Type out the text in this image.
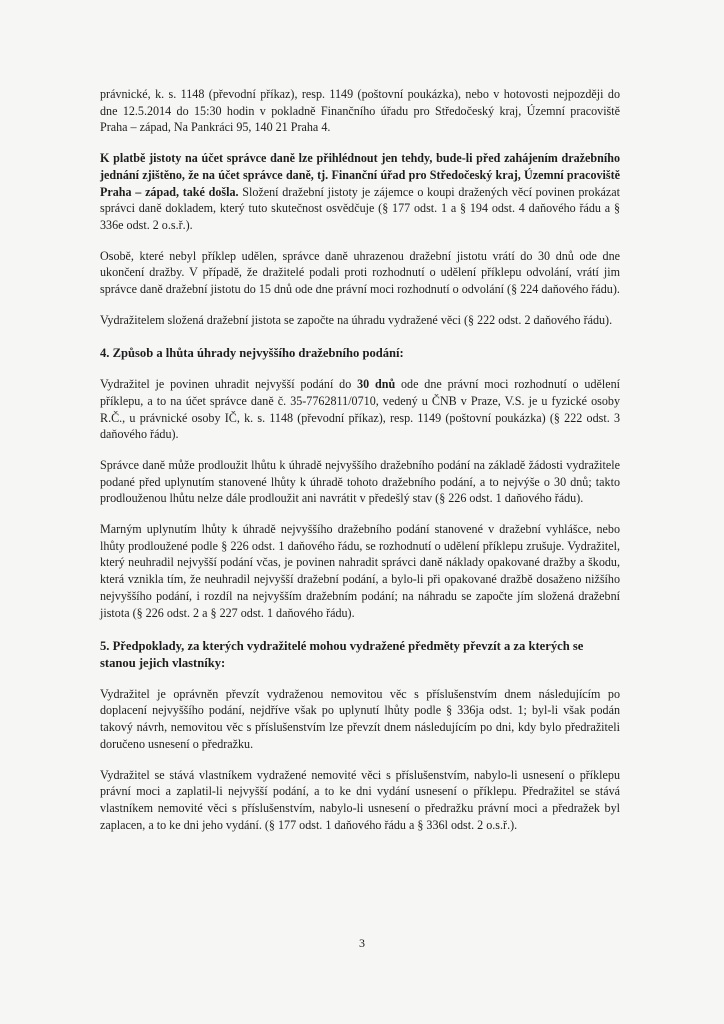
právnické, k. s. 1148 (převodní příkaz), resp. 1149 (poštovní poukázka), nebo v hotovosti nejpozději do dne 12.5.2014 do 15:30 hodin v pokladně Finančního úřadu pro Středočeský kraj, Územní pracoviště Praha – západ, Na Pankráci 95, 140 21 Praha 4.

K platbě jistoty na účet správce daně lze přihlédnout jen tehdy, bude-li před zahájením dražebního jednání zjištěno, že na účet správce daně, tj. Finanční úřad pro Středočeský kraj, Územní pracoviště Praha – západ, také došla. Složení dražební jistoty je zájemce o koupi dražených věcí povinen prokázat správci daně dokladem, který tuto skutečnost osvědčuje (§ 177 odst. 1 a § 194 odst. 4 daňového řádu a § 336e odst. 2 o.s.ř.).

Osobě, které nebyl příklep udělen, správce daně uhrazenou dražební jistotu vrátí do 30 dnů ode dne ukončení dražby. V případě, že dražitelé podali proti rozhodnutí o udělení příklepu odvolání, vrátí jim správce daně dražební jistotu do 15 dnů ode dne právní moci rozhodnutí o odvolání (§ 224 daňového řádu).

Vydražitelem složená dražební jistota se započte na úhradu vydražené věci (§ 222 odst. 2 daňového řádu).

4. Způsob a lhůta úhrady nejvyššího dražebního podání:

Vydražitel je povinen uhradit nejvyšší podání do 30 dnů ode dne právní moci rozhodnutí o udělení příklepu, a to na účet správce daně č. 35-7762811/0710, vedený u ČNB v Praze, V.S. je u fyzické osoby R.Č., u právnické osoby IČ, k. s. 1148 (převodní příkaz), resp. 1149 (poštovní poukázka) (§ 222 odst. 3 daňového řádu).

Správce daně může prodloužit lhůtu k úhradě nejvyššího dražebního podání na základě žádosti vydražitele podané před uplynutím stanovené lhůty k úhradě tohoto dražebního podání, a to nejvýše o 30 dnů; takto prodlouženou lhůtu nelze dále prodloužit ani navrátit v předešlý stav (§ 226 odst. 1 daňového řádu).

Marným uplynutím lhůty k úhradě nejvyššího dražebního podání stanovené v dražební vyhlášce, nebo lhůty prodloužené podle § 226 odst. 1 daňového řádu, se rozhodnutí o udělení příklepu zrušuje. Vydražitel, který neuhradil nejvyšší podání včas, je povinen nahradit správci daně náklady opakované dražby a škodu, která vznikla tím, že neuhradil nejvyšší dražební podání, a bylo-li při opakované dražbě dosaženo nižšího nejvyššího podání, i rozdíl na nejvyšším dražebním podání; na náhradu se započte jím složená dražební jistota (§ 226 odst. 2 a § 227 odst. 1 daňového řádu).

5. Předpoklady, za kterých vydražitelé mohou vydražené předměty převzít a za kterých se stanou jejich vlastníky:

Vydražitel je oprávněn převzít vydraženou nemovitou věc s příslušenstvím dnem následujícím po doplacení nejvyššího podání, nejdříve však po uplynutí lhůty podle § 336ja odst. 1; byl-li však podán takový návrh, nemovitou věc s příslušenstvím lze převzít dnem následujícím po dni, kdy bylo předražiteli doručeno usnesení o předražku.

Vydražitel se stává vlastníkem vydražené nemovité věci s příslušenstvím, nabylo-li usnesení o příklepu právní moci a zaplatil-li nejvyšší podání, a to ke dni vydání usnesení o příklepu. Předražitel se stává vlastníkem nemovité věci s příslušenstvím, nabylo-li usnesení o předražku právní moci a předražek byl zaplacen, a to ke dni jeho vydání. (§ 177 odst. 1 daňového řádu a § 336l odst. 2 o.s.ř.).

3
